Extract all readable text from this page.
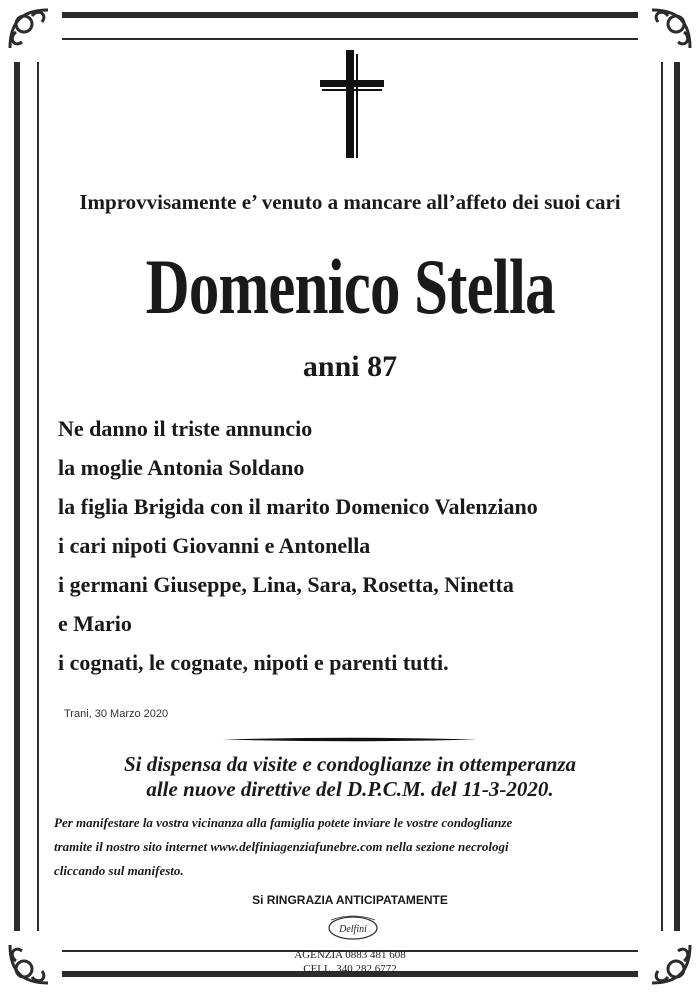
Improvvisamente e’ venuto a mancare all’affeto dei suoi cari
Domenico Stella
anni 87
Ne danno il triste annuncio
la moglie Antonia Soldano
la figlia Brigida con il marito Domenico Valenziano
i cari nipoti Giovanni e Antonella
i germani Giuseppe, Lina, Sara, Rosetta, Ninetta
e Mario
i cognati, le cognate, nipoti e parenti tutti.
Trani, 30 Marzo 2020
Si dispensa da visite e condoglianze in ottemperanza
alle nuove direttive del D.P.C.M. del 11-3-2020.
Per manifestare la vostra vicinanza alla famiglia potete inviare le vostre condoglianze
tramite il nostro sito internet www.delfiniagenziafunebre.com nella sezione necrologi
cliccando sul manifesto.
Si RINGRAZIA ANTICIPATAMENTE
Delfini
AGENZIA 0883 481 608
CELL. 340 282 6772
